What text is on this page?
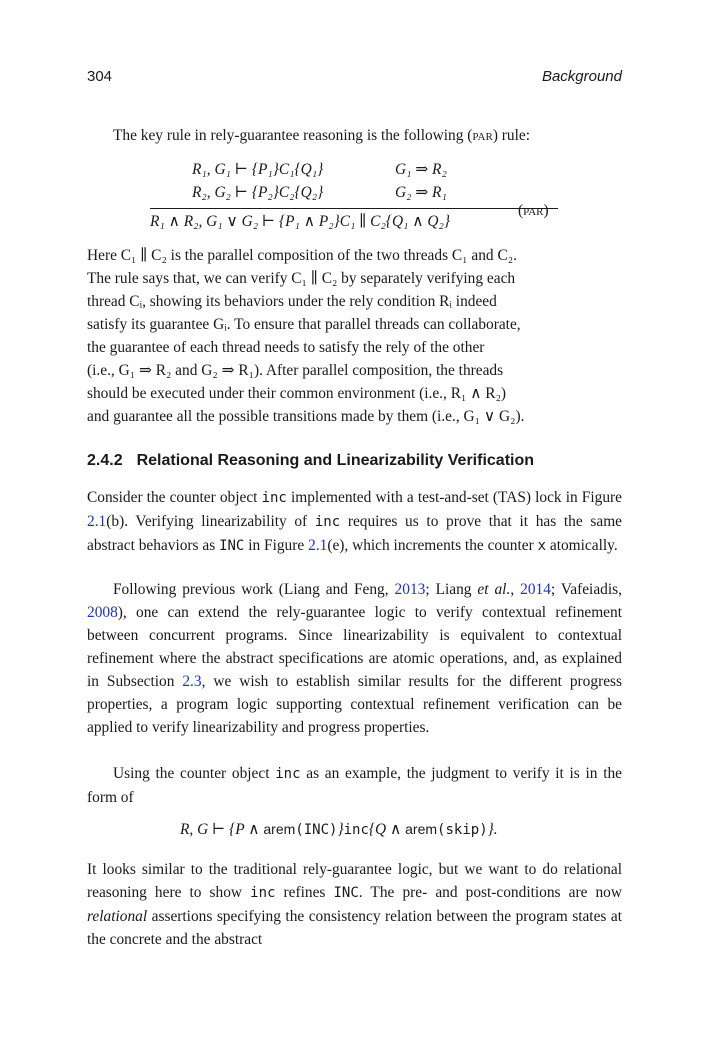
304	Background
The key rule in rely-guarantee reasoning is the following (par) rule:
R₁, G₁ ⊢ {P₁}C₁{Q₁}	G₁ ⇒ R₂
R₂, G₂ ⊢ {P₂}C₂{Q₂}	G₂ ⇒ R₁
R₁ ∧ R₂, G₁ ∨ G₂ ⊢ {P₁ ∧ P₂}C₁ ∥ C₂{Q₁ ∧ Q₂}
(par)
Here C₁ ∥ C₂ is the parallel composition of the two threads C₁ and C₂.
The rule says that, we can verify C₁ ∥ C₂ by separately verifying each
thread Cᵢ, showing its behaviors under the rely condition Rᵢ indeed
satisfy its guarantee Gᵢ. To ensure that parallel threads can collaborate,
the guarantee of each thread needs to satisfy the rely of the other
(i.e., G₁ ⇒ R₂ and G₂ ⇒ R₁). After parallel composition, the threads
should be executed under their common environment (i.e., R₁ ∧ R₂)
and guarantee all the possible transitions made by them (i.e., G₁ ∨ G₂).
2.4.2 Relational Reasoning and Linearizability Verification
Consider the counter object inc implemented with a test-and-set (TAS) lock in Figure 2.1(b). Verifying linearizability of inc requires us to prove that it has the same abstract behaviors as INC in Figure 2.1(e), which increments the counter x atomically.
Following previous work (Liang and Feng, 2013; Liang et al., 2014; Vafeiadis, 2008), one can extend the rely-guarantee logic to verify contextual refinement between concurrent programs. Since linearizability is equivalent to contextual refinement where the abstract specifications are atomic operations, and, as explained in Subsection 2.3, we wish to establish similar results for the different progress properties, a program logic supporting contextual refinement verification can be applied to verify linearizability and progress properties.
Using the counter object inc as an example, the judgment to verify it is in the form of
R, G ⊢ {P ∧ arem(INC)}inc{Q ∧ arem(skip)}.
It looks similar to the traditional rely-guarantee logic, but we want to do relational reasoning here to show inc refines INC. The pre- and post-conditions are now relational assertions specifying the consistency relation between the program states at the concrete and the abstract
